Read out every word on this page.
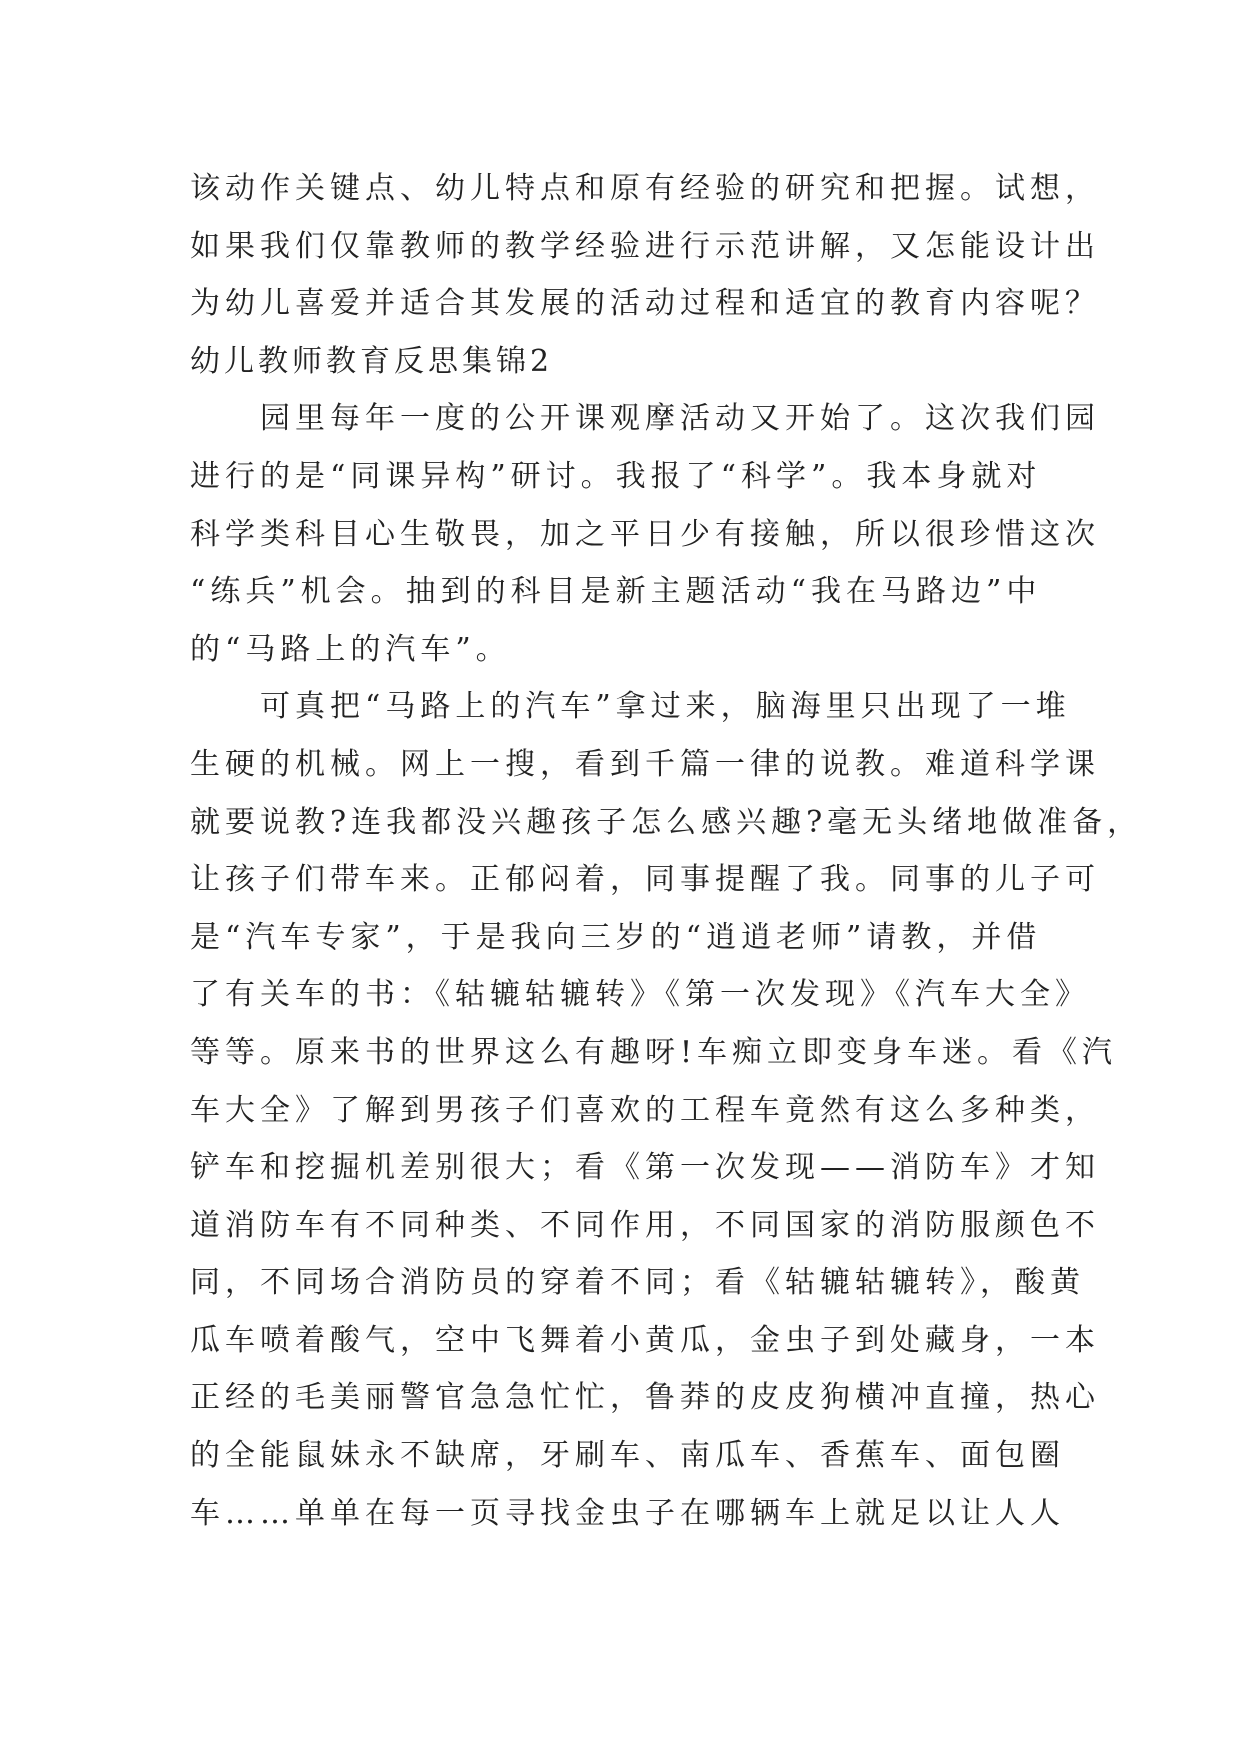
该动作关键点、幼儿特点和原有经验的研究和把握。试想，
如果我们仅靠教师的教学经验进行示范讲解，又怎能设计出
为幼儿喜爱并适合其发展的活动过程和适宜的教育内容呢？
幼儿教师教育反思集锦2
　　园里每年一度的公开课观摩活动又开始了。这次我们园
进行的是“同课异构”研讨。我报了“科学”。我本身就对
科学类科目心生敬畏，加之平日少有接触，所以很珍惜这次
“练兵”机会。抽到的科目是新主题活动“我在马路边”中
的“马路上的汽车”。
　　可真把“马路上的汽车”拿过来，脑海里只出现了一堆
生硬的机械。网上一搜，看到千篇一律的说教。难道科学课
就要说教?连我都没兴趣孩子怎么感兴趣?毫无头绪地做准备，
让孩子们带车来。正郁闷着，同事提醒了我。同事的儿子可
是“汽车专家”，于是我向三岁的“逍逍老师”请教，并借
了有关车的书：《轱辘轱辘转》《第一次发现》《汽车大全》
等等。原来书的世界这么有趣呀!车痴立即变身车迷。看《汽
车大全》了解到男孩子们喜欢的工程车竟然有这么多种类，
铲车和挖掘机差别很大；看《第一次发现——消防车》才知
道消防车有不同种类、不同作用，不同国家的消防服颜色不
同，不同场合消防员的穿着不同；看《轱辘轱辘转》，酸黄
瓜车喷着酸气，空中飞舞着小黄瓜，金虫子到处藏身，一本
正经的毛美丽警官急急忙忙，鲁莽的皮皮狗横冲直撞，热心
的全能鼠妹永不缺席，牙刷车、南瓜车、香蕉车、面包圈
车……单单在每一页寻找金虫子在哪辆车上就足以让人人
